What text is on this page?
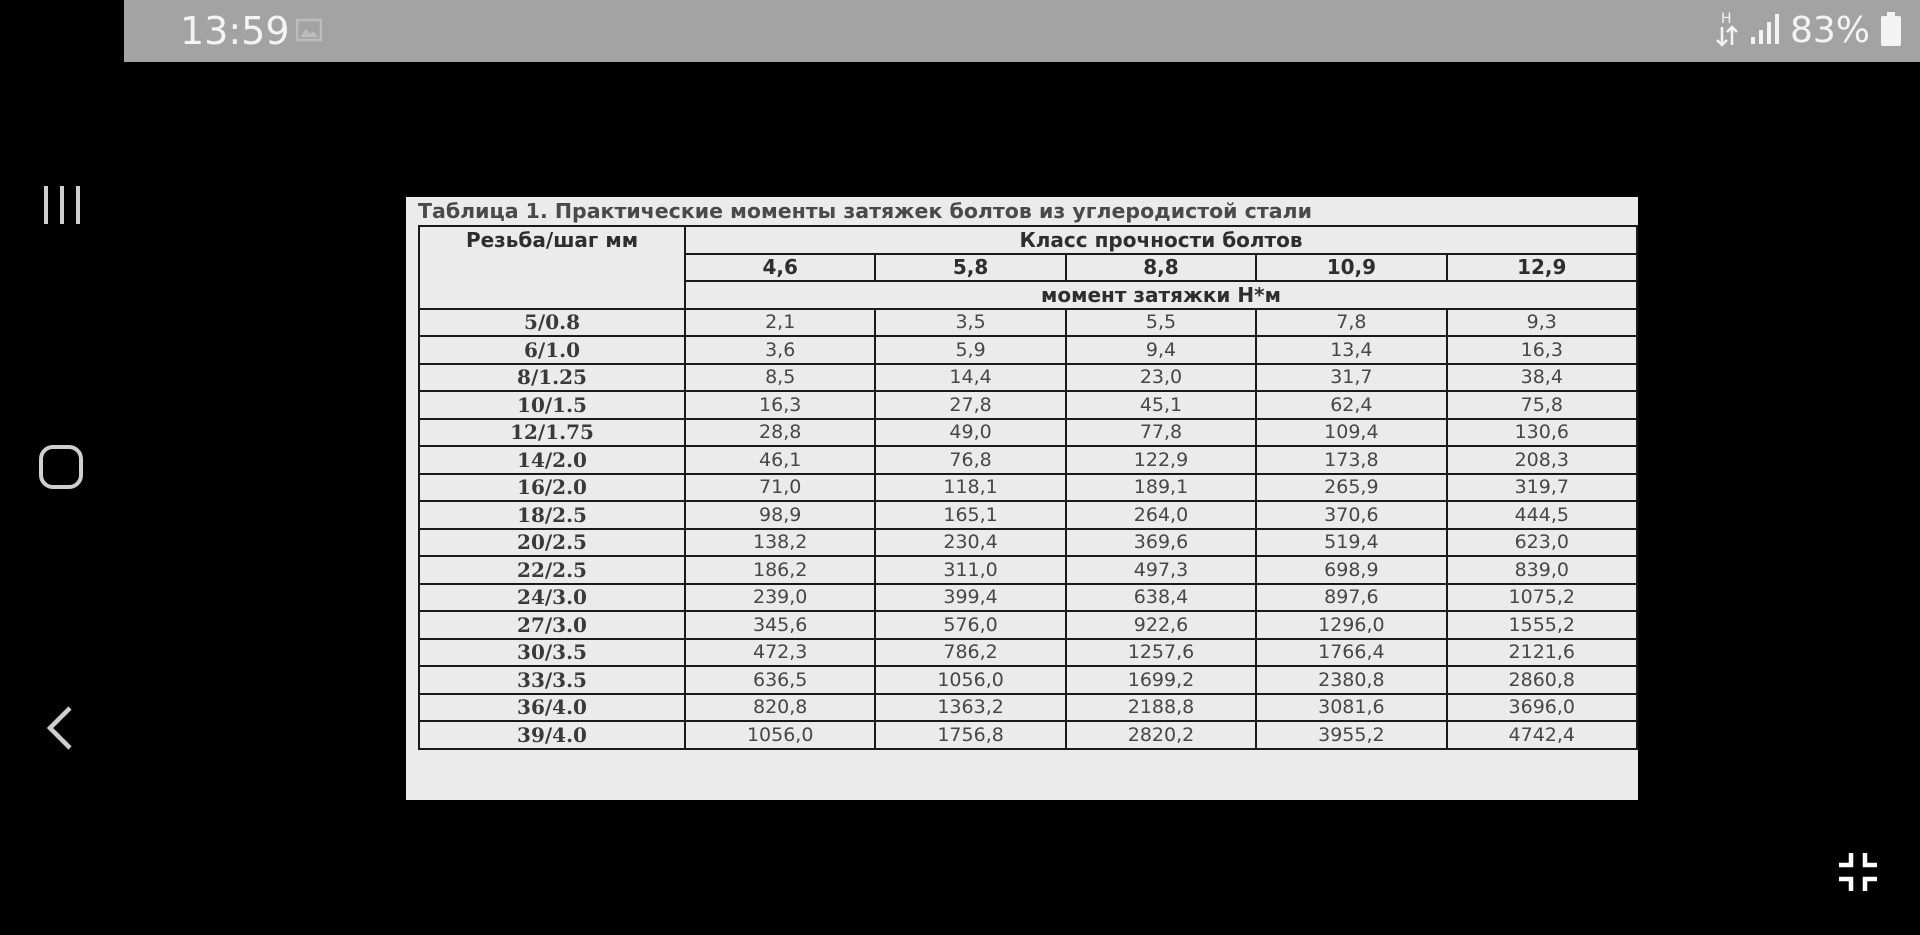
13:59	H 83%
Таблица 1. Практические моменты затяжек болтов из углеродистой стали
Резьба/шаг мм	Класс прочности болтов				
	4,6	5,8	8,8	10,9	12,9
	момент затяжки Н*м				
5/0.8	2,1	3,5	5,5	7,8	9,3
6/1.0	3,6	5,9	9,4	13,4	16,3
8/1.25	8,5	14,4	23,0	31,7	38,4
10/1.5	16,3	27,8	45,1	62,4	75,8
12/1.75	28,8	49,0	77,8	109,4	130,6
14/2.0	46,1	76,8	122,9	173,8	208,3
16/2.0	71,0	118,1	189,1	265,9	319,7
18/2.5	98,9	165,1	264,0	370,6	444,5
20/2.5	138,2	230,4	369,6	519,4	623,0
22/2.5	186,2	311,0	497,3	698,9	839,0
24/3.0	239,0	399,4	638,4	897,6	1075,2
27/3.0	345,6	576,0	922,6	1296,0	1555,2
30/3.5	472,3	786,2	1257,6	1766,4	2121,6
33/3.5	636,5	1056,0	1699,2	2380,8	2860,8
36/4.0	820,8	1363,2	2188,8	3081,6	3696,0
39/4.0	1056,0	1756,8	2820,2	3955,2	4742,4
